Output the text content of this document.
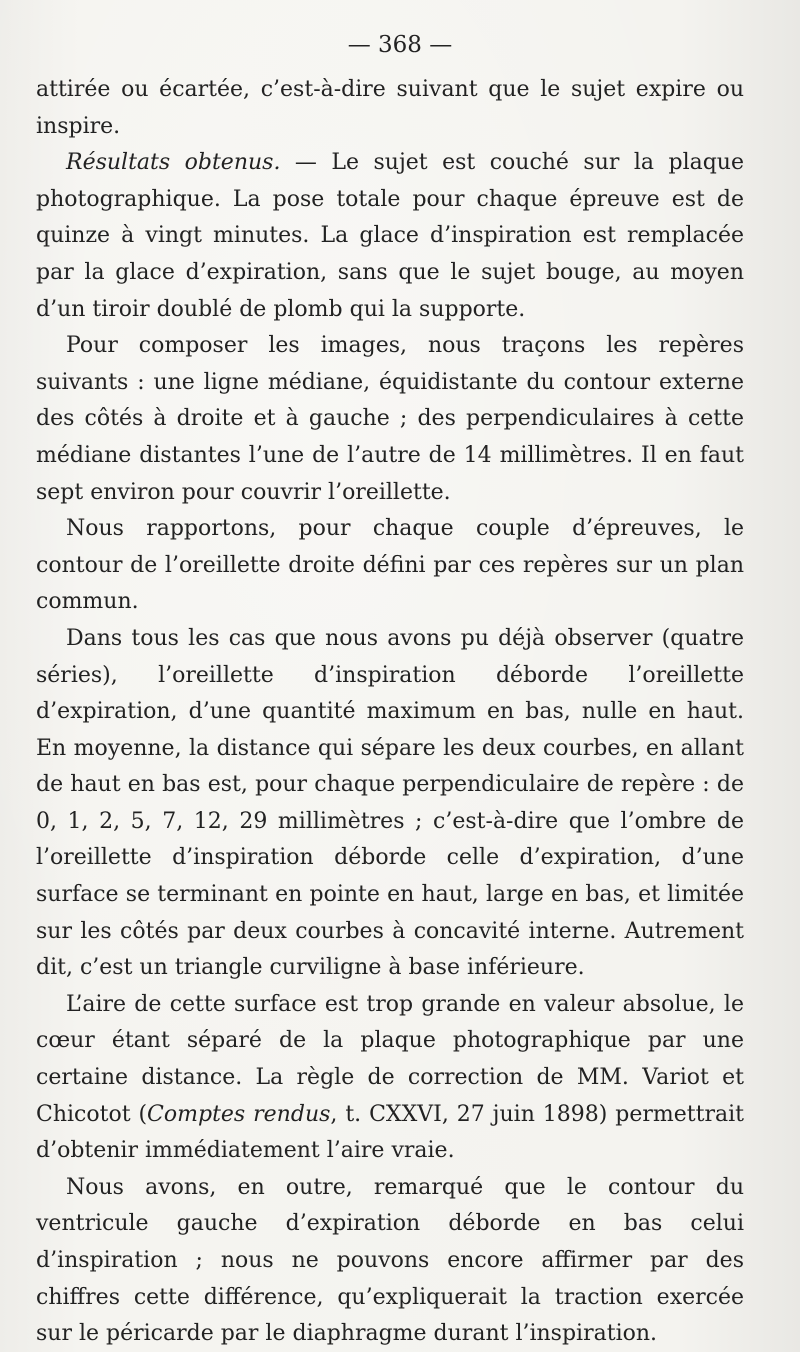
— 368 —

attirée ou écartée, c’est-à-dire suivant que le sujet expire ou inspire.

Résultats obtenus. — Le sujet est couché sur la plaque photographique. La pose totale pour chaque épreuve est de quinze à vingt minutes. La glace d’inspiration est remplacée par la glace d’expiration, sans que le sujet bouge, au moyen d’un tiroir doublé de plomb qui la supporte.

Pour composer les images, nous traçons les repères suivants : une ligne médiane, équidistante du contour externe des côtés à droite et à gauche ; des perpendiculaires à cette médiane distantes l’une de l’autre de 14 millimètres. Il en faut sept environ pour couvrir l’oreillette.

Nous rapportons, pour chaque couple d’épreuves, le contour de l’oreillette droite défini par ces repères sur un plan commun.

Dans tous les cas que nous avons pu déjà observer (quatre séries), l’oreillette d’inspiration déborde l’oreillette d’expiration, d’une quantité maximum en bas, nulle en haut. En moyenne, la distance qui sépare les deux courbes, en allant de haut en bas est, pour chaque perpendiculaire de repère : de 0, 1, 2, 5, 7, 12, 29 millimètres ; c’est-à-dire que l’ombre de l’oreillette d’inspiration déborde celle d’expiration, d’une surface se terminant en pointe en haut, large en bas, et limitée sur les côtés par deux courbes à concavité interne. Autrement dit, c’est un triangle curviligne à base inférieure.

L’aire de cette surface est trop grande en valeur absolue, le cœur étant séparé de la plaque photographique par une certaine distance. La règle de correction de MM. Variot et Chicotot (Comptes rendus, t. CXXVI, 27 juin 1898) permettrait d’obtenir immédiatement l’aire vraie.

Nous avons, en outre, remarqué que le contour du ventricule gauche d’expiration déborde en bas celui d’inspiration ; nous ne pouvons encore affirmer par des chiffres cette différence, qu’expliquerait la traction exercée sur le péricarde par le diaphragme durant l’inspiration.
